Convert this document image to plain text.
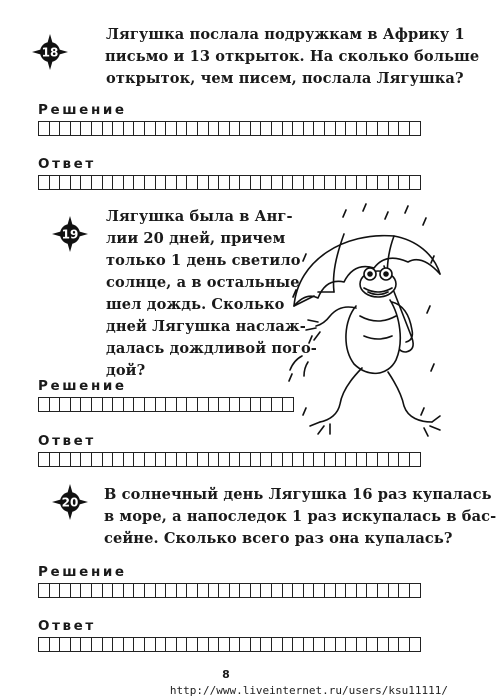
18
Лягушка послала подружкам в Африку 1
письмо и 13 открыток. На сколько больше
открыток, чем писем, послала Лягушка?
Решение
Ответ
19
Лягушка была в Анг-
лии 20 дней, причем
только 1 день светило
солнце, а в остальные
шел дождь. Сколько
дней Лягушка наслаж-
далась дождливой пого-
дой?
Решение
Ответ
20 В солнечный день Лягушка 16 раз купалась
в море, а напоследок 1 раз искупалась в бас-
сейне. Сколько всего раз она купалась?
Решение
Ответ
8
http://www.liveinternet.ru/users/ksu11111/
